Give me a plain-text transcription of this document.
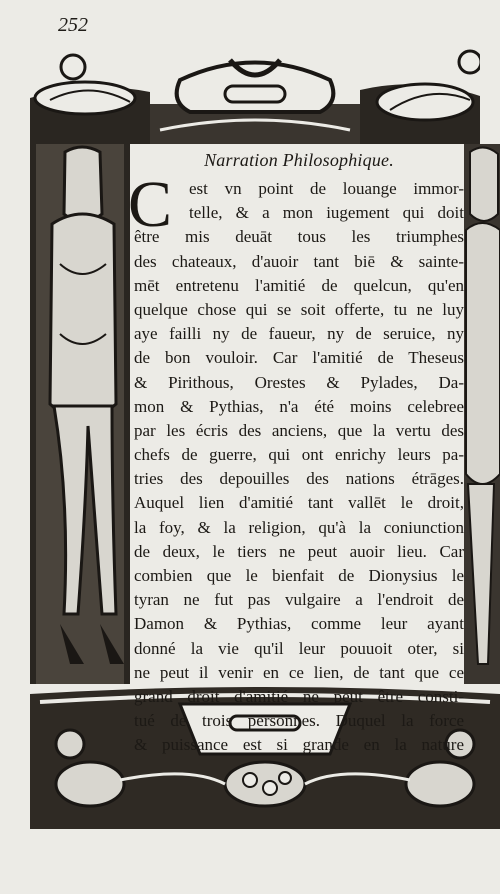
252
Narration Philosophique.
C est vn point de louange immor-
telle, & a mon iugement qui doit
être mis deuāt tous les triumphes
des chateaux, d'auoir tant biē & sainte-
mēt entretenu l'amitié de quelcun, qu'en
quelque chose qui se soit offerte, tu ne luy
aye failli ny de faueur, ny de seruice, ny
de bon vouloir. Car l'amitié de Theseus
& Pirithous, Orestes & Pylades, Da-
mon & Pythias, n'a été moins celebree
par les écris des anciens, que la vertu des
chefs de guerre, qui ont enrichy leurs pa-
tries des depouilles des nations étrāges.
Auquel lien d'amitié tant vallēt le droit,
la foy, & la religion, qu'à la coniunction
de deux, le tiers ne peut auoir lieu. Car
combien que le bienfait de Dionysius le
tyran ne fut pas vulgaire a l'endroit de
Damon & Pythias, comme leur ayant
donné la vie qu'il leur pouuoit oter, si
ne peut il venir en ce lien, de tant que ce
grand droit d'amitié ne peut être consti-
tué de trois personnes. Duquel la force
& puissance est si grande en la nature
